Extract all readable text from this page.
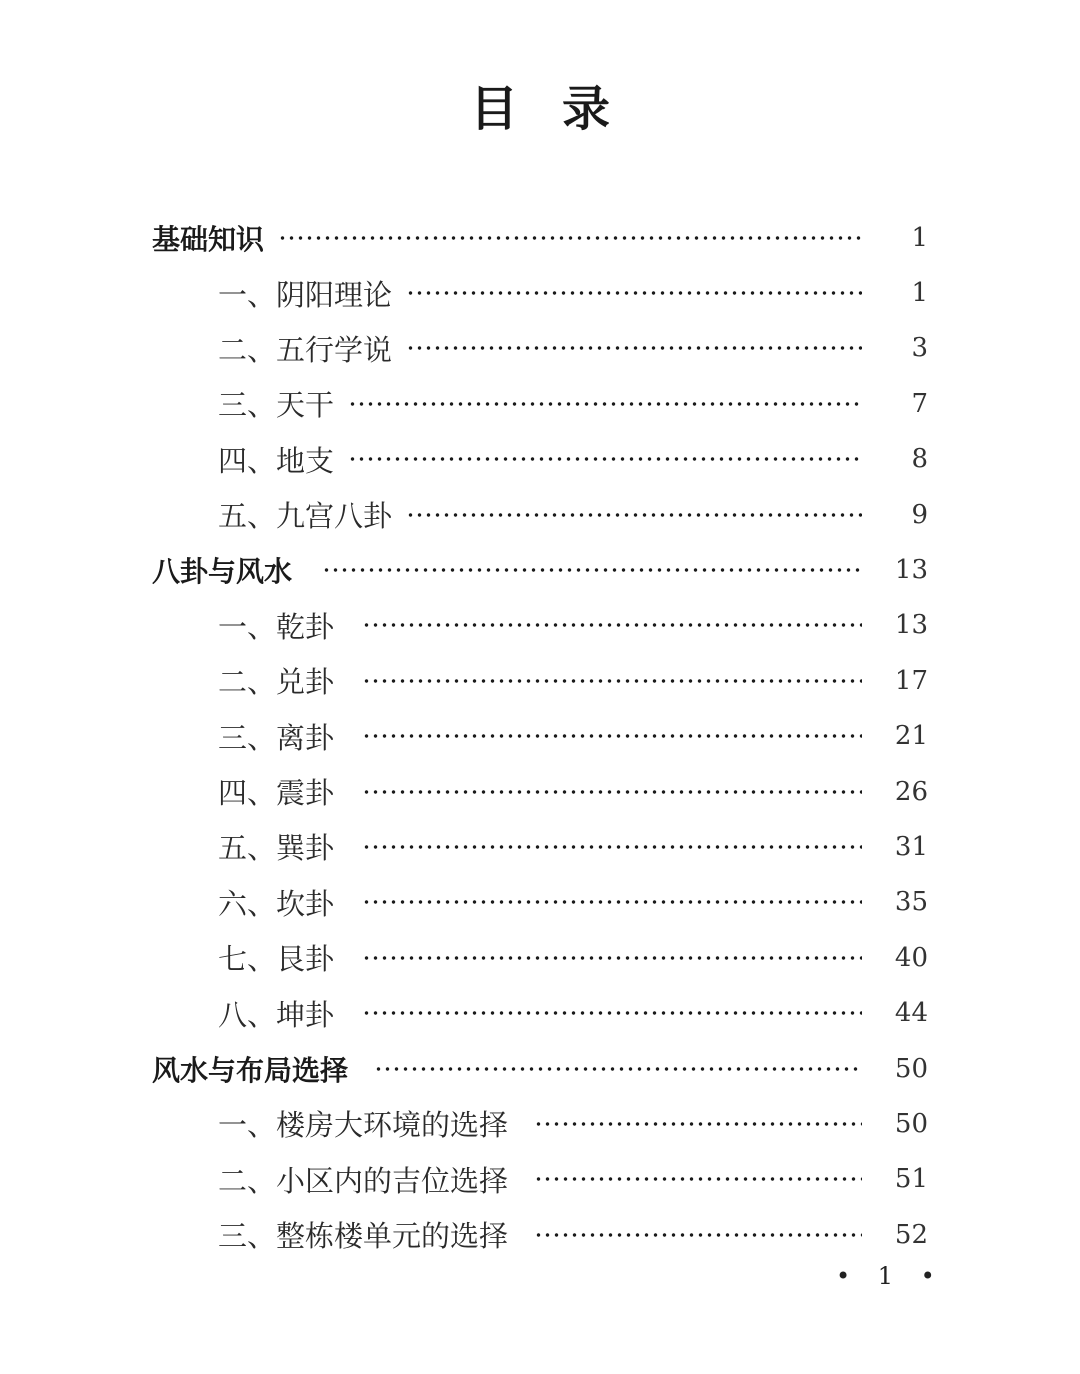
目 录
基础知识	1
一、阴阳理论	1
二、五行学说	3
三、天干	7
四、地支	8
五、九宫八卦	9
八卦与风水	13
一、乾卦	13
二、兑卦	17
三、离卦	21
四、震卦	26
五、巽卦	31
六、坎卦	35
七、艮卦	40
八、坤卦	44
风水与布局选择	50
一、楼房大环境的选择	50
二、小区内的吉位选择	51
三、整栋楼单元的选择	52
• 1 •
